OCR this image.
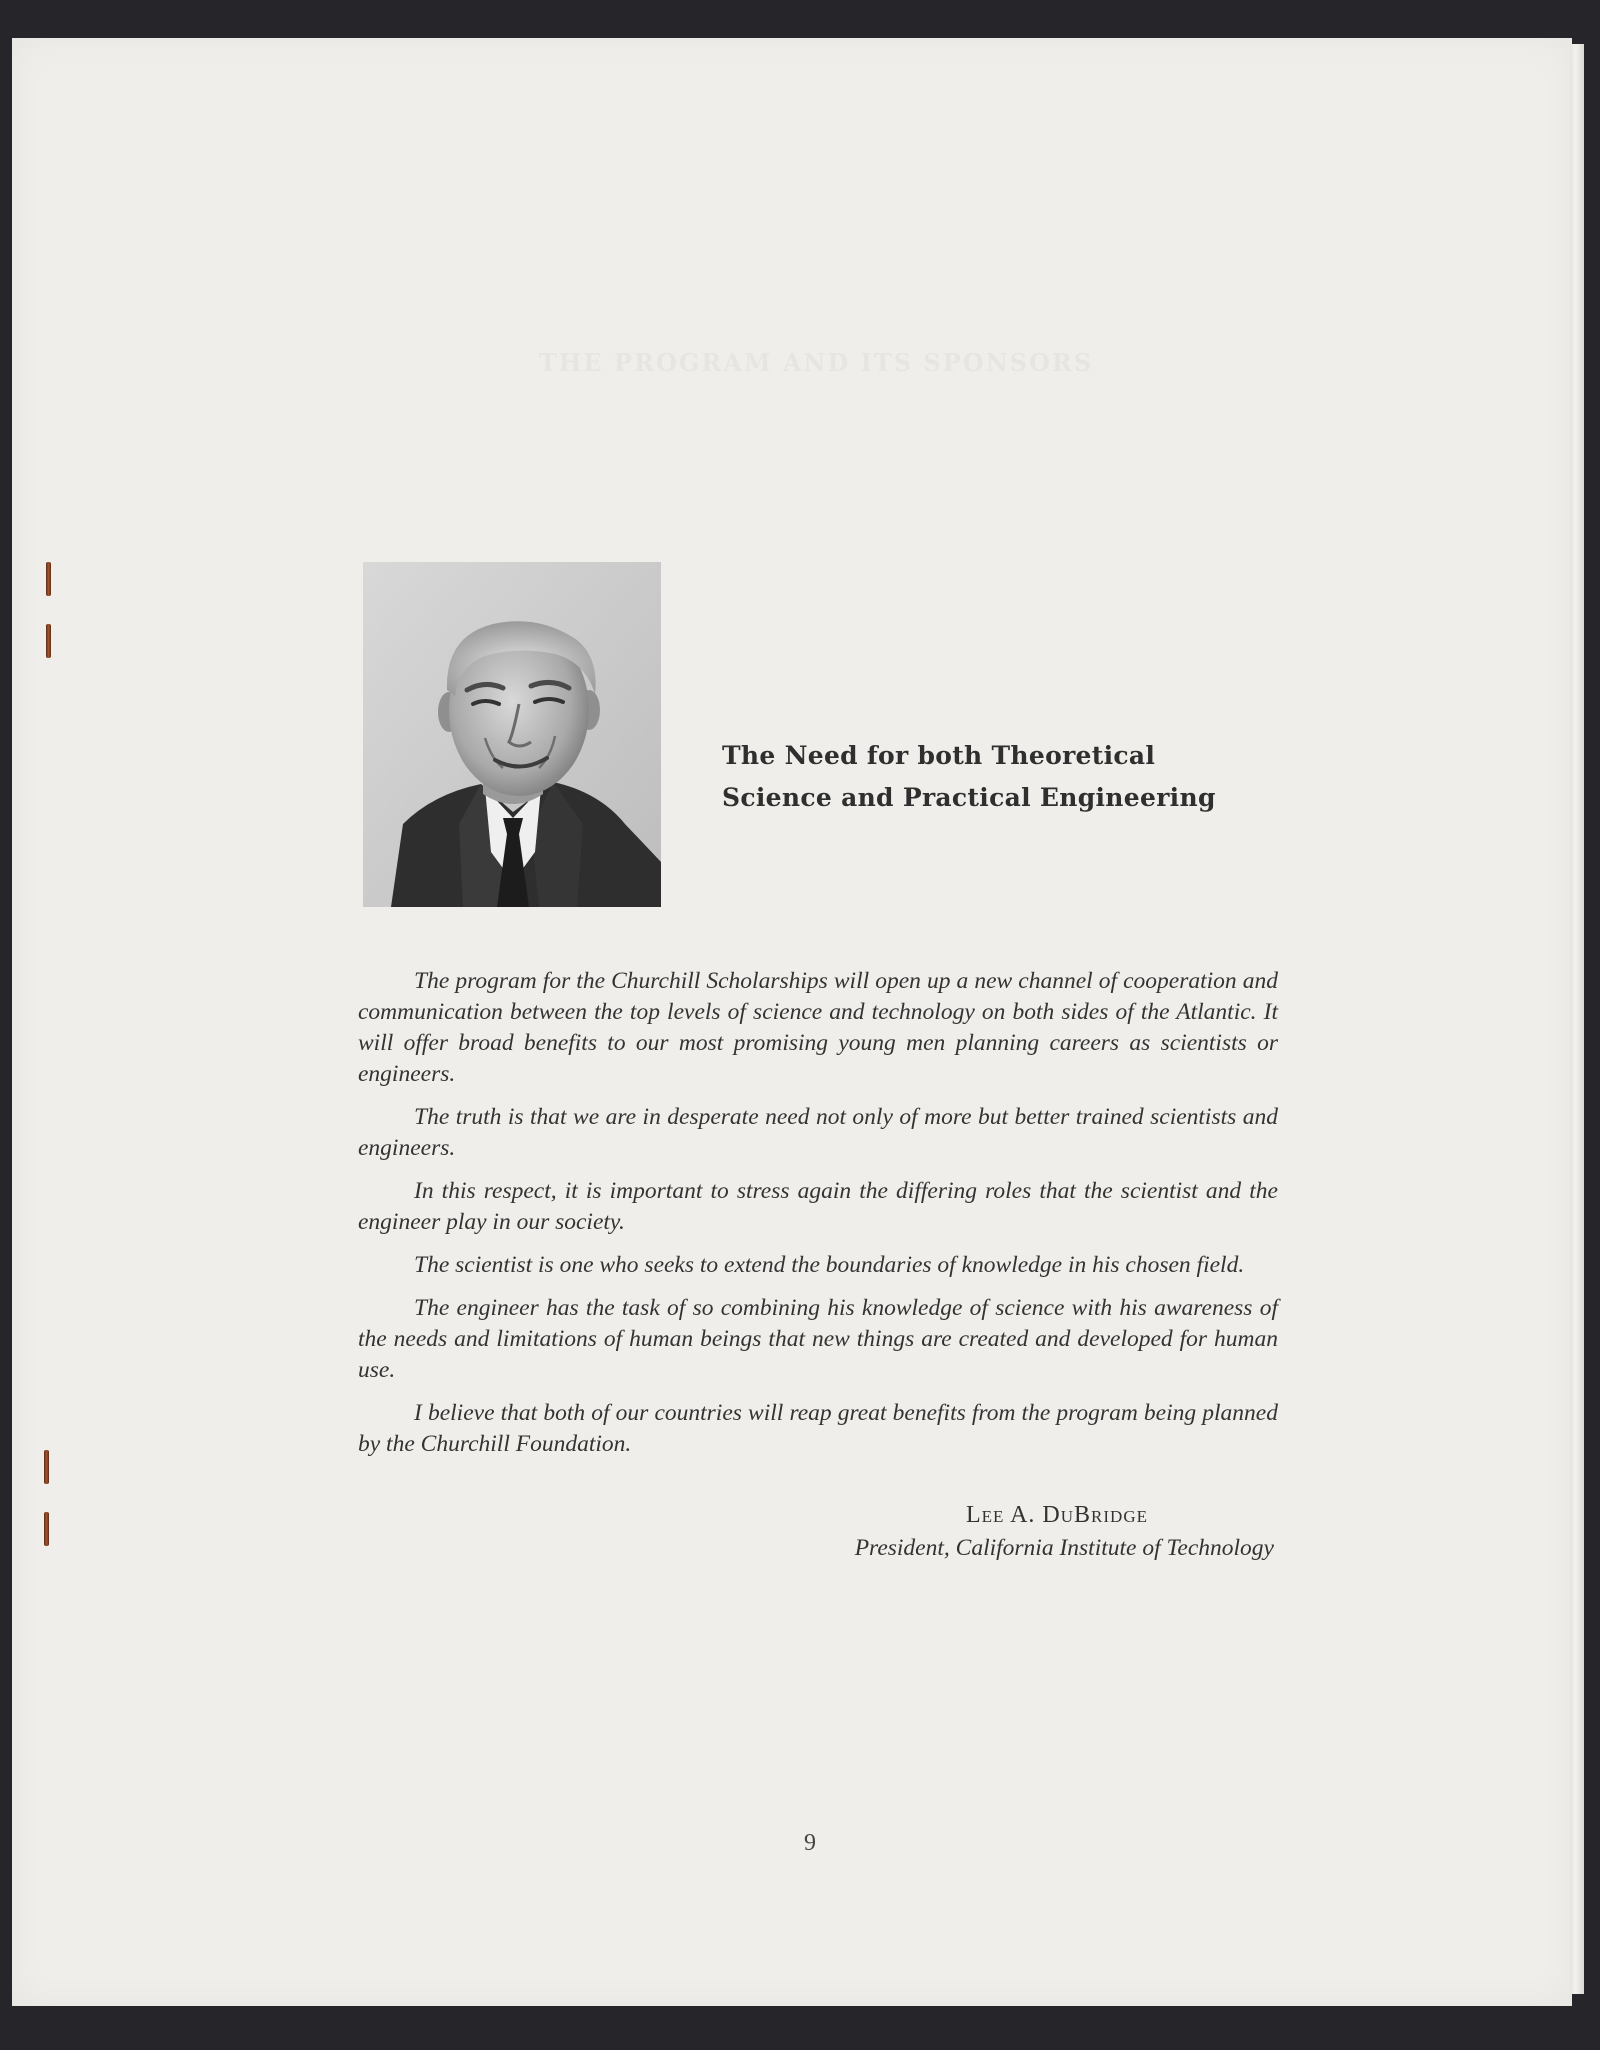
The Need for both Theoretical
Science and Practical Engineering

The program for the Churchill Scholarships will open up a new channel of cooperation and communication between the top levels of science and technology on both sides of the Atlantic. It will offer broad benefits to our most promising young men planning careers as scientists or engineers.

The truth is that we are in desperate need not only of more but better trained scientists and engineers.

In this respect, it is important to stress again the differing roles that the scientist and the engineer play in our society.

The scientist is one who seeks to extend the boundaries of knowledge in his chosen field.

The engineer has the task of so combining his knowledge of science with his awareness of the needs and limitations of human beings that new things are created and developed for human use.

I believe that both of our countries will reap great benefits from the program being planned by the Churchill Foundation.

Lee A. DuBridge
President, California Institute of Technology
9
